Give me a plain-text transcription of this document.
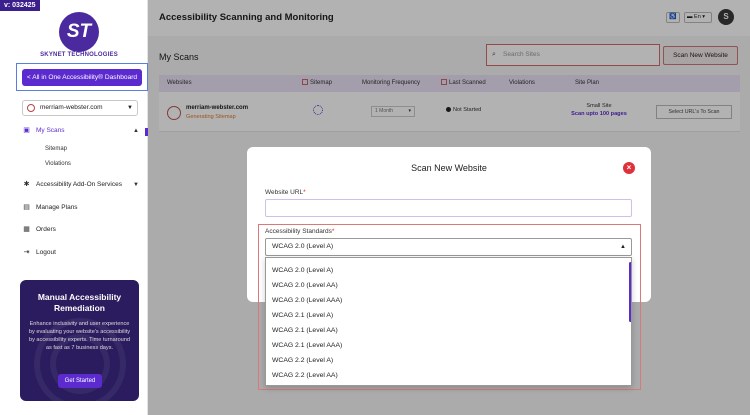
v: 032425
ST
SKYNET TECHNOLOGIES
< All in One Accessibility® Dashboard
merriam-webster.com	▼
▣ My Scans	▲
Sitemap
Violations
✱ Accessibility Add-On Services ▼
▤ Manage Plans
▦ Orders
⇥ Logout
Manual Accessibility Remediation
Enhance inclusivity and user experience by evaluating your website's accessibility by accessibility experts. Time turnaround as fast as 7 business days.
Get Started
Accessibility Scanning and Monitoring	♿	▬ En ▾	S
My Scans	⌕ Search Sites	Scan New Website
Websites	Sitemap	Monitoring Frequency	Last Scanned	Violations	Site Plan
merriam-webster.com
Generating Sitemap
1 Month	▾	Not Started
Small Site
Scan upto 100 pages	Select URL's To Scan
Scan New Website	×
Website URL*
Accessibility Standards*
WCAG 2.0 (Level A)	▲
WCAG 2.0 (Level A)
WCAG 2.0 (Level AA)
WCAG 2.0 (Level AAA)
WCAG 2.1 (Level A)
WCAG 2.1 (Level AA)
WCAG 2.1 (Level AAA)
WCAG 2.2 (Level A)
WCAG 2.2 (Level AA)
